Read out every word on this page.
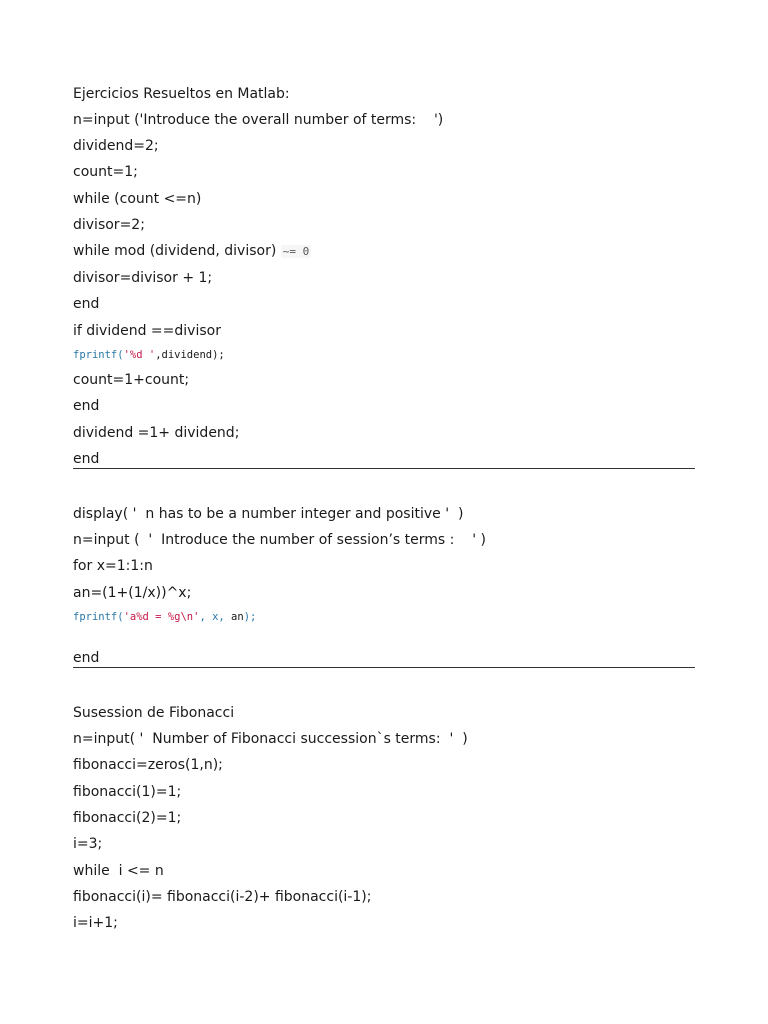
Ejercicios Resueltos en Matlab:
n=input ('Introduce the overall number of terms:    ')
dividend=2;
count=1;
while (count <=n)
divisor=2;
while mod (dividend, divisor) ~= 0
divisor=divisor + 1;
end
if dividend ==divisor
fprintf('%d ',dividend);
count=1+count;
end
dividend =1+ dividend;
end
display( '  n has to be a number integer and positive '  )
n=input (  '  Introduce the number of session’s terms :    ' )
for x=1:1:n
an=(1+(1/x))^x;
fprintf('a%d = %g\n', x, an);
end
Susession de Fibonacci
n=input( '  Number of Fibonacci succession`s terms:  '  )
fibonacci=zeros(1,n);
fibonacci(1)=1;
fibonacci(2)=1;
i=3;
while  i <= n
fibonacci(i)= fibonacci(i-2)+ fibonacci(i-1);
i=i+1;
